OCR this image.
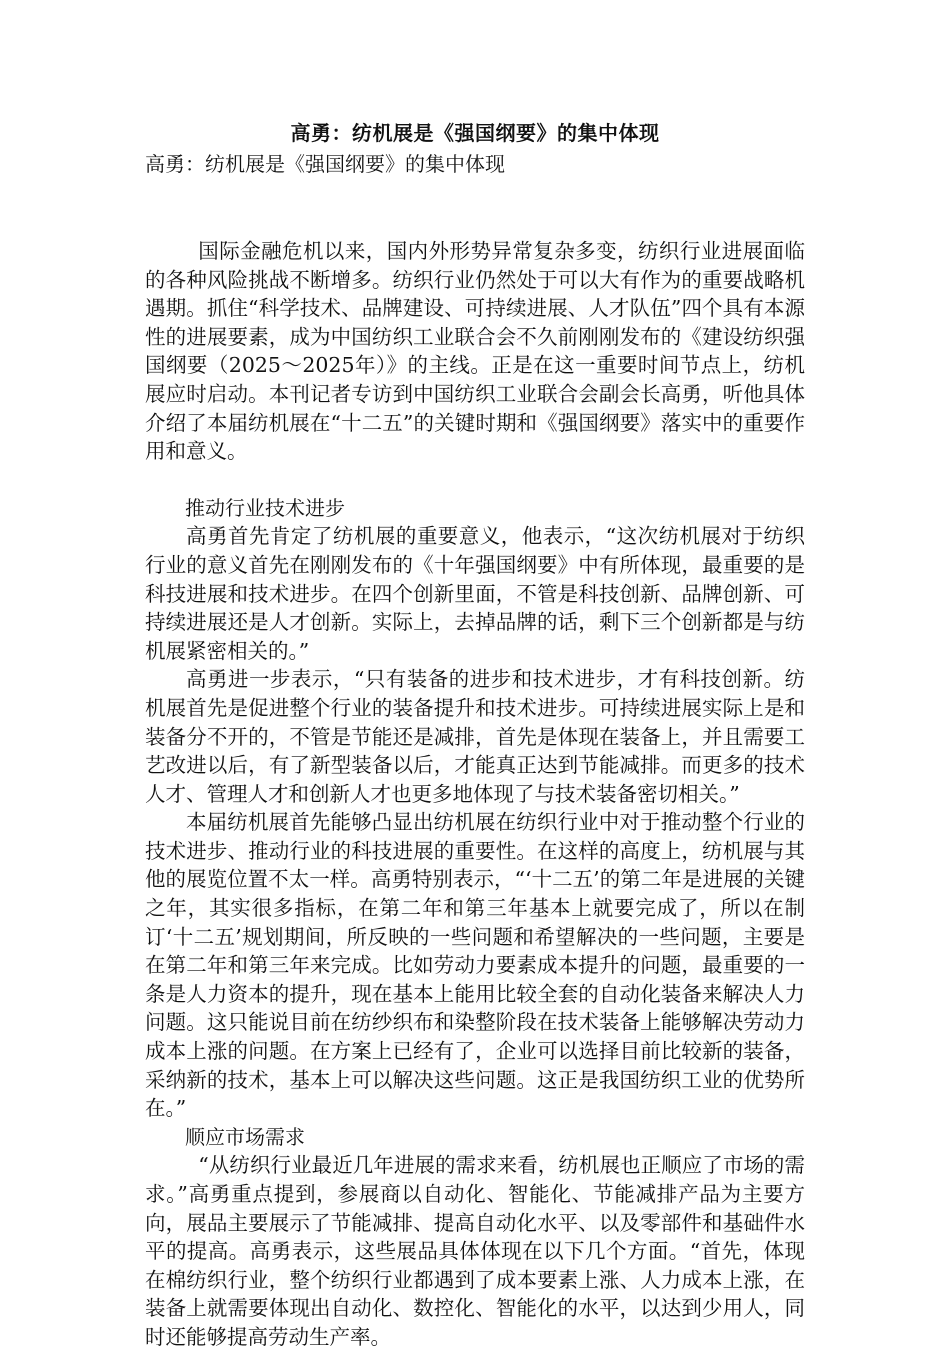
高勇：纺机展是《强国纲要》的集中体现

高勇：纺机展是《强国纲要》的集中体现

国际金融危机以来，国内外形势异常复杂多变，纺织行业进展面临的各种风险挑战不断增多。纺织行业仍然处于可以大有作为的重要战略机遇期。抓住“科学技术、品牌建设、可持续进展、人才队伍”四个具有本源性的进展要素，成为中国纺织工业联合会不久前刚刚发布的《建设纺织强国纲要（2025～2025年）》的主线。正是在这一重要时间节点上，纺机展应时启动。本刊记者专访到中国纺织工业联合会副会长高勇，听他具体介绍了本届纺机展在“十二五”的关键时期和《强国纲要》落实中的重要作用和意义。

推动行业技术进步

高勇首先肯定了纺机展的重要意义，他表示，“这次纺机展对于纺织行业的意义首先在刚刚发布的《十年强国纲要》中有所体现，最重要的是科技进展和技术进步。在四个创新里面，不管是科技创新、品牌创新、可持续进展还是人才创新。实际上，去掉品牌的话，剩下三个创新都是与纺机展紧密相关的。”

高勇进一步表示，“只有装备的进步和技术进步，才有科技创新。纺机展首先是促进整个行业的装备提升和技术进步。可持续进展实际上是和装备分不开的，不管是节能还是减排，首先是体现在装备上，并且需要工艺改进以后，有了新型装备以后，才能真正达到节能减排。而更多的技术人才、管理人才和创新人才也更多地体现了与技术装备密切相关。”

本届纺机展首先能够凸显出纺机展在纺织行业中对于推动整个行业的技术进步、推动行业的科技进展的重要性。在这样的高度上，纺机展与其他的展览位置不太一样。高勇特别表示，“‘十二五’的第二年是进展的关键之年，其实很多指标，在第二年和第三年基本上就要完成了，所以在制订‘十二五’规划期间，所反映的一些问题和希望解决的一些问题，主要是在第二年和第三年来完成。比如劳动力要素成本提升的问题，最重要的一条是人力资本的提升，现在基本上能用比较全套的自动化装备来解决人力问题。这只能说目前在纺纱织布和染整阶段在技术装备上能够解决劳动力成本上涨的问题。在方案上已经有了，企业可以选择目前比较新的装备，采纳新的技术，基本上可以解决这些问题。这正是我国纺织工业的优势所在。”

顺应市场需求

“从纺织行业最近几年进展的需求来看，纺机展也正顺应了市场的需求。”高勇重点提到，参展商以自动化、智能化、节能减排产品为主要方向，展品主要展示了节能减排、提高自动化水平、以及零部件和基础件水平的提高。高勇表示，这些展品具体体现在以下几个方面。“首先，体现在棉纺织行业，整个纺织行业都遇到了成本要素上涨、人力成本上涨，在装备上就需要体现出自动化、数控化、智能化的水平，以达到少用人，同时还能够提高劳动生产率。
